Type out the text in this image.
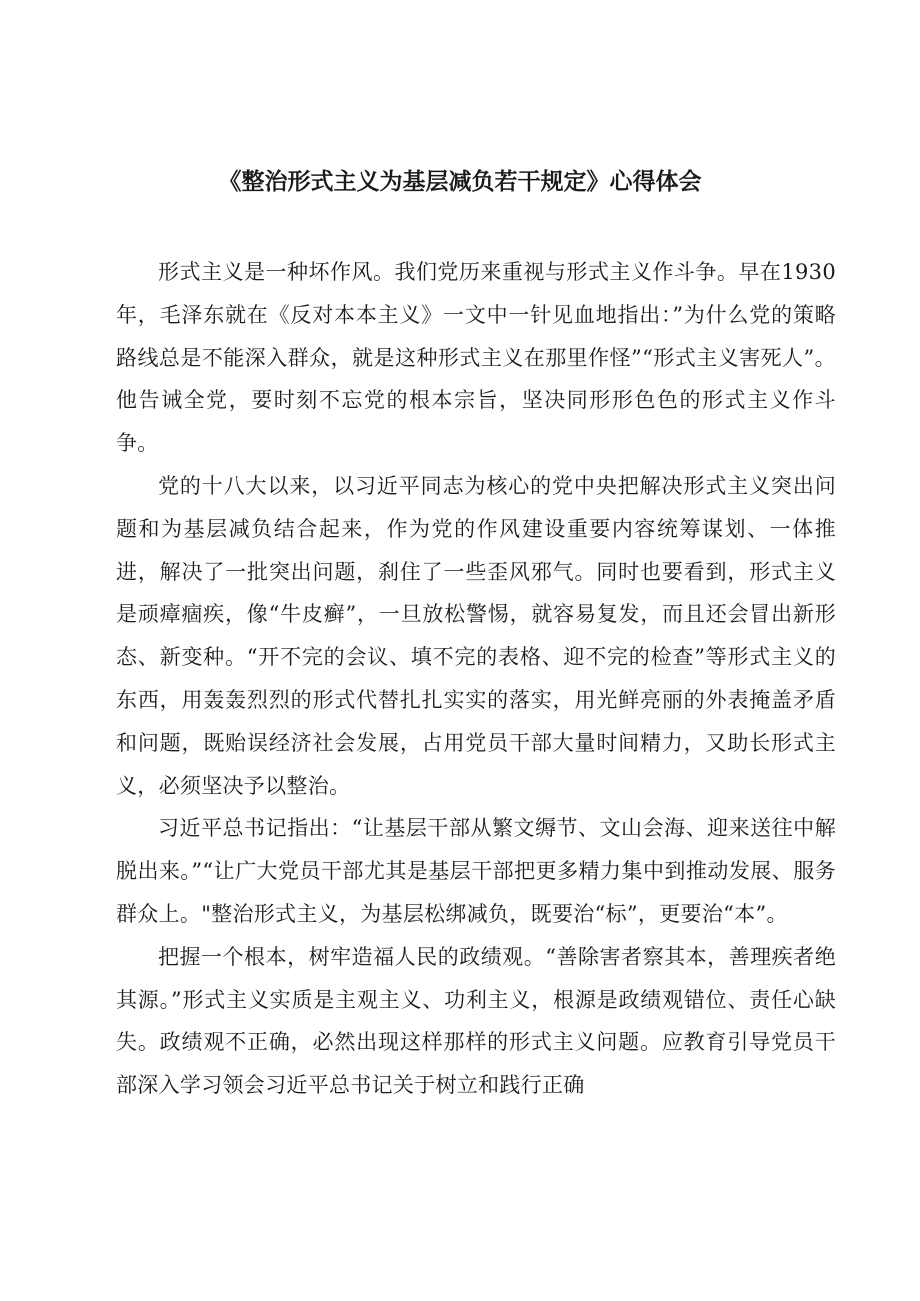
《整治形式主义为基层减负若干规定》心得体会

形式主义是一种坏作风。我们党历来重视与形式主义作斗争。早在1930年，毛泽东就在《反对本本主义》一文中一针见血地指出：”为什么党的策略路线总是不能深入群众，就是这种形式主义在那里作怪”“形式主义害死人”。他告诫全党，要时刻不忘党的根本宗旨，坚决同形形色色的形式主义作斗争。

党的十八大以来，以习近平同志为核心的党中央把解决形式主义突出问题和为基层减负结合起来，作为党的作风建设重要内容统筹谋划、一体推进，解决了一批突出问题，刹住了一些歪风邪气。同时也要看到，形式主义是顽瘴痼疾，像“牛皮癣”，一旦放松警惕，就容易复发，而且还会冒出新形态、新变种。“开不完的会议、填不完的表格、迎不完的检查”等形式主义的东西，用轰轰烈烈的形式代替扎扎实实的落实，用光鲜亮丽的外表掩盖矛盾和问题，既贻误经济社会发展，占用党员干部大量时间精力，又助长形式主义，必须坚决予以整治。

习近平总书记指出：“让基层干部从繁文缛节、文山会海、迎来送往中解脱出来。”“让广大党员干部尤其是基层干部把更多精力集中到推动发展、服务群众上。"整治形式主义，为基层松绑减负，既要治“标”，更要治“本”。

把握一个根本，树牢造福人民的政绩观。“善除害者察其本，善理疾者绝其源。”形式主义实质是主观主义、功利主义，根源是政绩观错位、责任心缺失。政绩观不正确，必然出现这样那样的形式主义问题。应教育引导党员干部深入学习领会习近平总书记关于树立和践行正确
